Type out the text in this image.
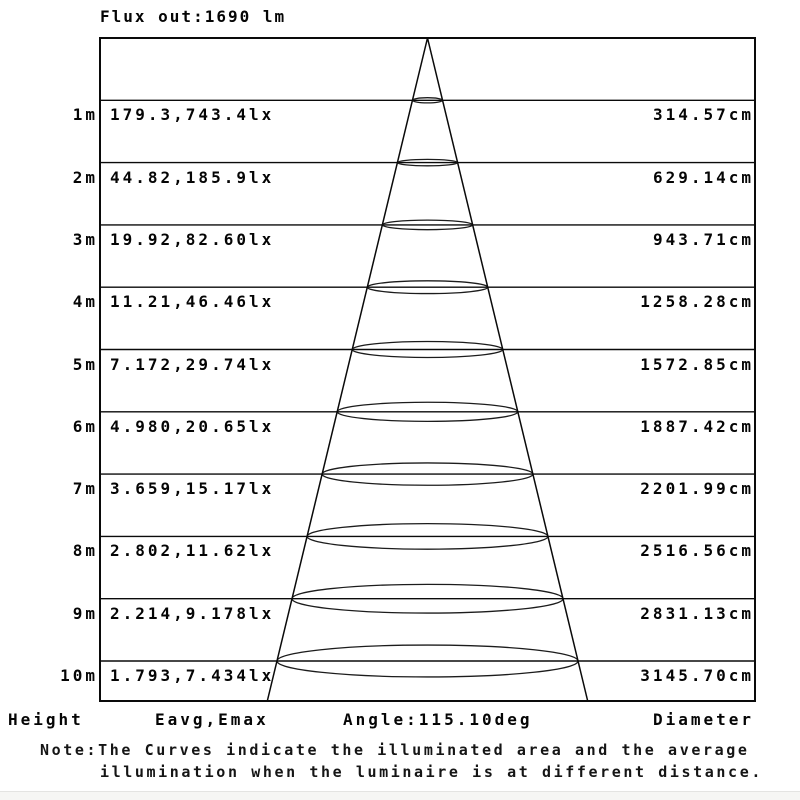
Flux out:1690 lm
1m 179.3,743.4lx	314.57cm
2m 44.82,185.9lx	629.14cm
3m 19.92,82.60lx	943.71cm
4m 11.21,46.46lx	1258.28cm
5m 7.172,29.74lx	1572.85cm
6m 4.980,20.65lx	1887.42cm
7m 3.659,15.17lx	2201.99cm
8m 2.802,11.62lx	2516.56cm
9m 2.214,9.178lx	2831.13cm
10m 1.793,7.434lx	3145.70cm
Height	Eavg,Emax	Angle:115.10deg	Diameter
Note:The Curves indicate the illuminated area and the average
illumination when the luminaire is at different distance.
